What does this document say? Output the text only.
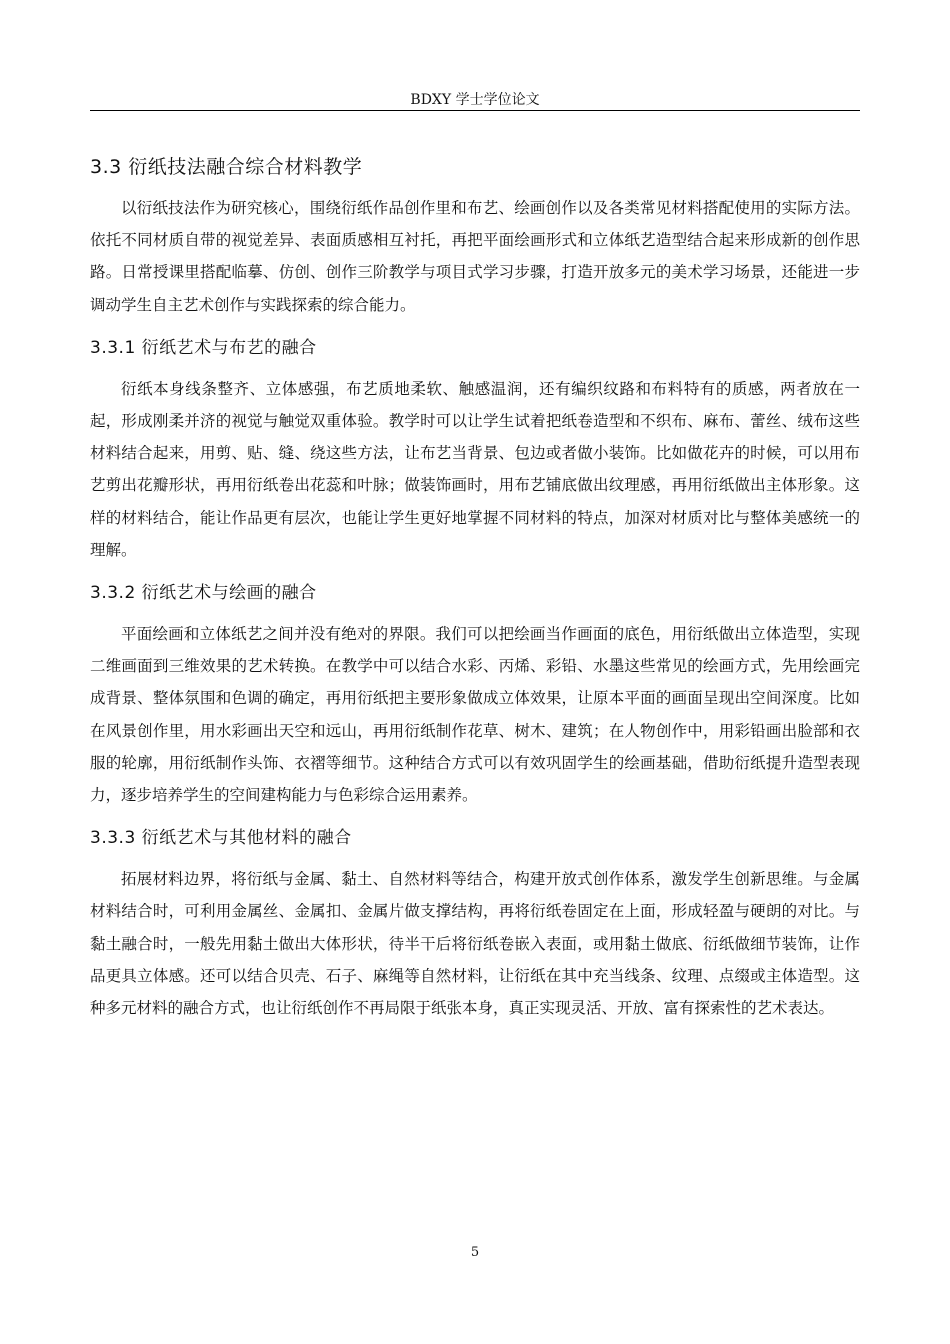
BDXY 学士学位论文
3.3 衍纸技法融合综合材料教学

以衍纸技法作为研究核心，围绕衍纸作品创作里和布艺、绘画创作以及各类常见材料搭配使用的实际方法。依托不同材质自带的视觉差异、表面质感相互衬托，再把平面绘画形式和立体纸艺造型结合起来形成新的创作思路。日常授课里搭配临摹、仿创、创作三阶教学与项目式学习步骤，打造开放多元的美术学习场景，还能进一步调动学生自主艺术创作与实践探索的综合能力。

3.3.1 衍纸艺术与布艺的融合

衍纸本身线条整齐、立体感强，布艺质地柔软、触感温润，还有编织纹路和布料特有的质感，两者放在一起，形成刚柔并济的视觉与触觉双重体验。教学时可以让学生试着把纸卷造型和不织布、麻布、蕾丝、绒布这些材料结合起来，用剪、贴、缝、绕这些方法，让布艺当背景、包边或者做小装饰。比如做花卉的时候，可以用布艺剪出花瓣形状，再用衍纸卷出花蕊和叶脉；做装饰画时，用布艺铺底做出纹理感，再用衍纸做出主体形象。这样的材料结合，能让作品更有层次，也能让学生更好地掌握不同材料的特点，加深对材质对比与整体美感统一的理解。

3.3.2 衍纸艺术与绘画的融合

平面绘画和立体纸艺之间并没有绝对的界限。我们可以把绘画当作画面的底色，用衍纸做出立体造型，实现二维画面到三维效果的艺术转换。在教学中可以结合水彩、丙烯、彩铅、水墨这些常见的绘画方式，先用绘画完成背景、整体氛围和色调的确定，再用衍纸把主要形象做成立体效果，让原本平面的画面呈现出空间深度。比如在风景创作里，用水彩画出天空和远山，再用衍纸制作花草、树木、建筑；在人物创作中，用彩铅画出脸部和衣服的轮廓，用衍纸制作头饰、衣褶等细节。这种结合方式可以有效巩固学生的绘画基础，借助衍纸提升造型表现力，逐步培养学生的空间建构能力与色彩综合运用素养。

3.3.3 衍纸艺术与其他材料的融合

拓展材料边界，将衍纸与金属、黏土、自然材料等结合，构建开放式创作体系，激发学生创新思维。与金属材料结合时，可利用金属丝、金属扣、金属片做支撑结构，再将衍纸卷固定在上面，形成轻盈与硬朗的对比。与黏土融合时，一般先用黏土做出大体形状，待半干后将衍纸卷嵌入表面，或用黏土做底、衍纸做细节装饰，让作品更具立体感。还可以结合贝壳、石子、麻绳等自然材料，让衍纸在其中充当线条、纹理、点缀或主体造型。这种多元材料的融合方式，也让衍纸创作不再局限于纸张本身，真正实现灵活、开放、富有探索性的艺术表达。

5
